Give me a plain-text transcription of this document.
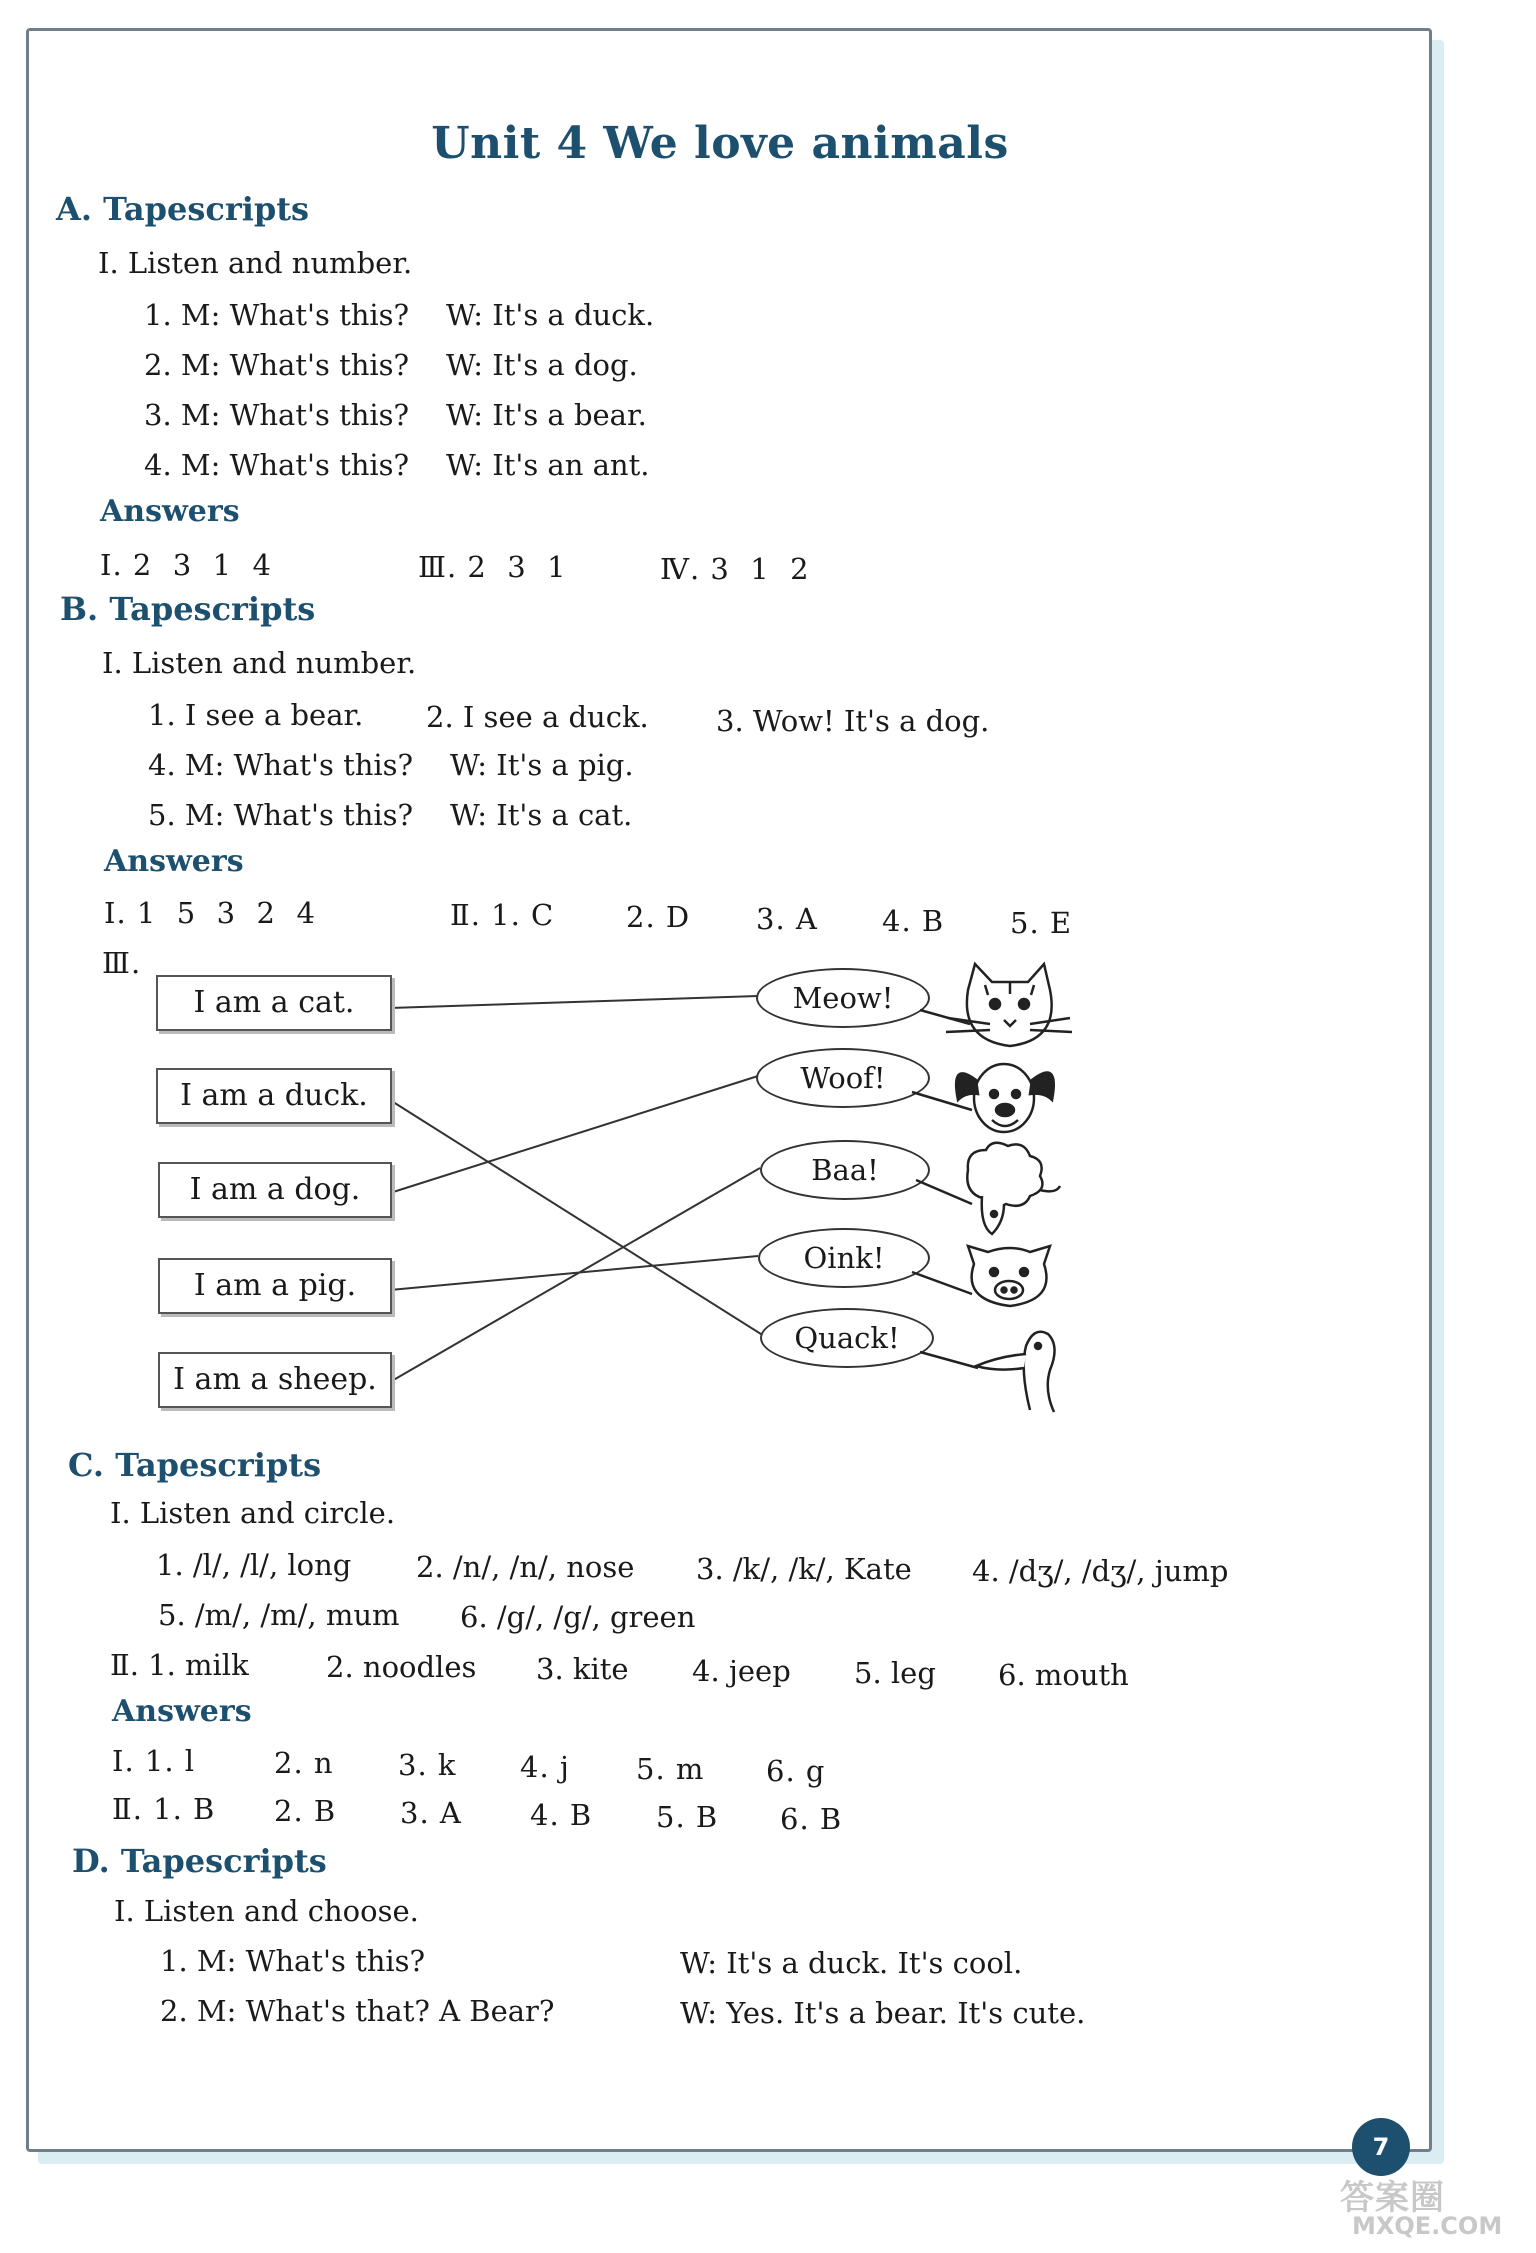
Unit 4 We love animals
A. Tapescripts
Ⅰ. Listen and number.
1. M: What's this?    W: It's a duck.
2. M: What's this?    W: It's a dog.
3. M: What's this?    W: It's a bear.
4. M: What's this?    W: It's an ant.
Answers
Ⅰ. 2  3  1  4	Ⅲ. 2  3  1	Ⅳ. 3  1  2
B. Tapescripts
Ⅰ. Listen and number.
1. I see a bear. 2. I see a duck. 3. Wow! It's a dog.
4. M: What's this?    W: It's a pig.
5. M: What's this?    W: It's a cat.
Answers
Ⅰ. 1  5  3  2  4	Ⅱ. 1. C 2. D 3. A 4. B 5. E
Ⅲ.
I am a cat.
I am a duck.
I am a dog.
I am a pig.
I am a sheep.
Meow!
Woof!
Baa!
Oink!
Quack!
C. Tapescripts
Ⅰ. Listen and circle.
1. /l/, /l/, long 2. /n/, /n/, nose 3. /k/, /k/, Kate 4. /dʒ/, /dʒ/, jump
5. /m/, /m/, mum 6. /g/, /g/, green
Ⅱ. 1. milk	2. noodles 3. kite 4. jeep 5. leg 6. mouth
Answers
Ⅰ. 1. l	2. n 3. k 4. j 5. m 6. g
Ⅱ. 1. B 2. B 3. A 4. B 5. B 6. B
D. Tapescripts
Ⅰ. Listen and choose.
1. M: What's this?	W: It's a duck. It's cool.
2. M: What's that? A Bear?	W: Yes. It's a bear. It's cute.
7
答案圈
MXQE.COM
